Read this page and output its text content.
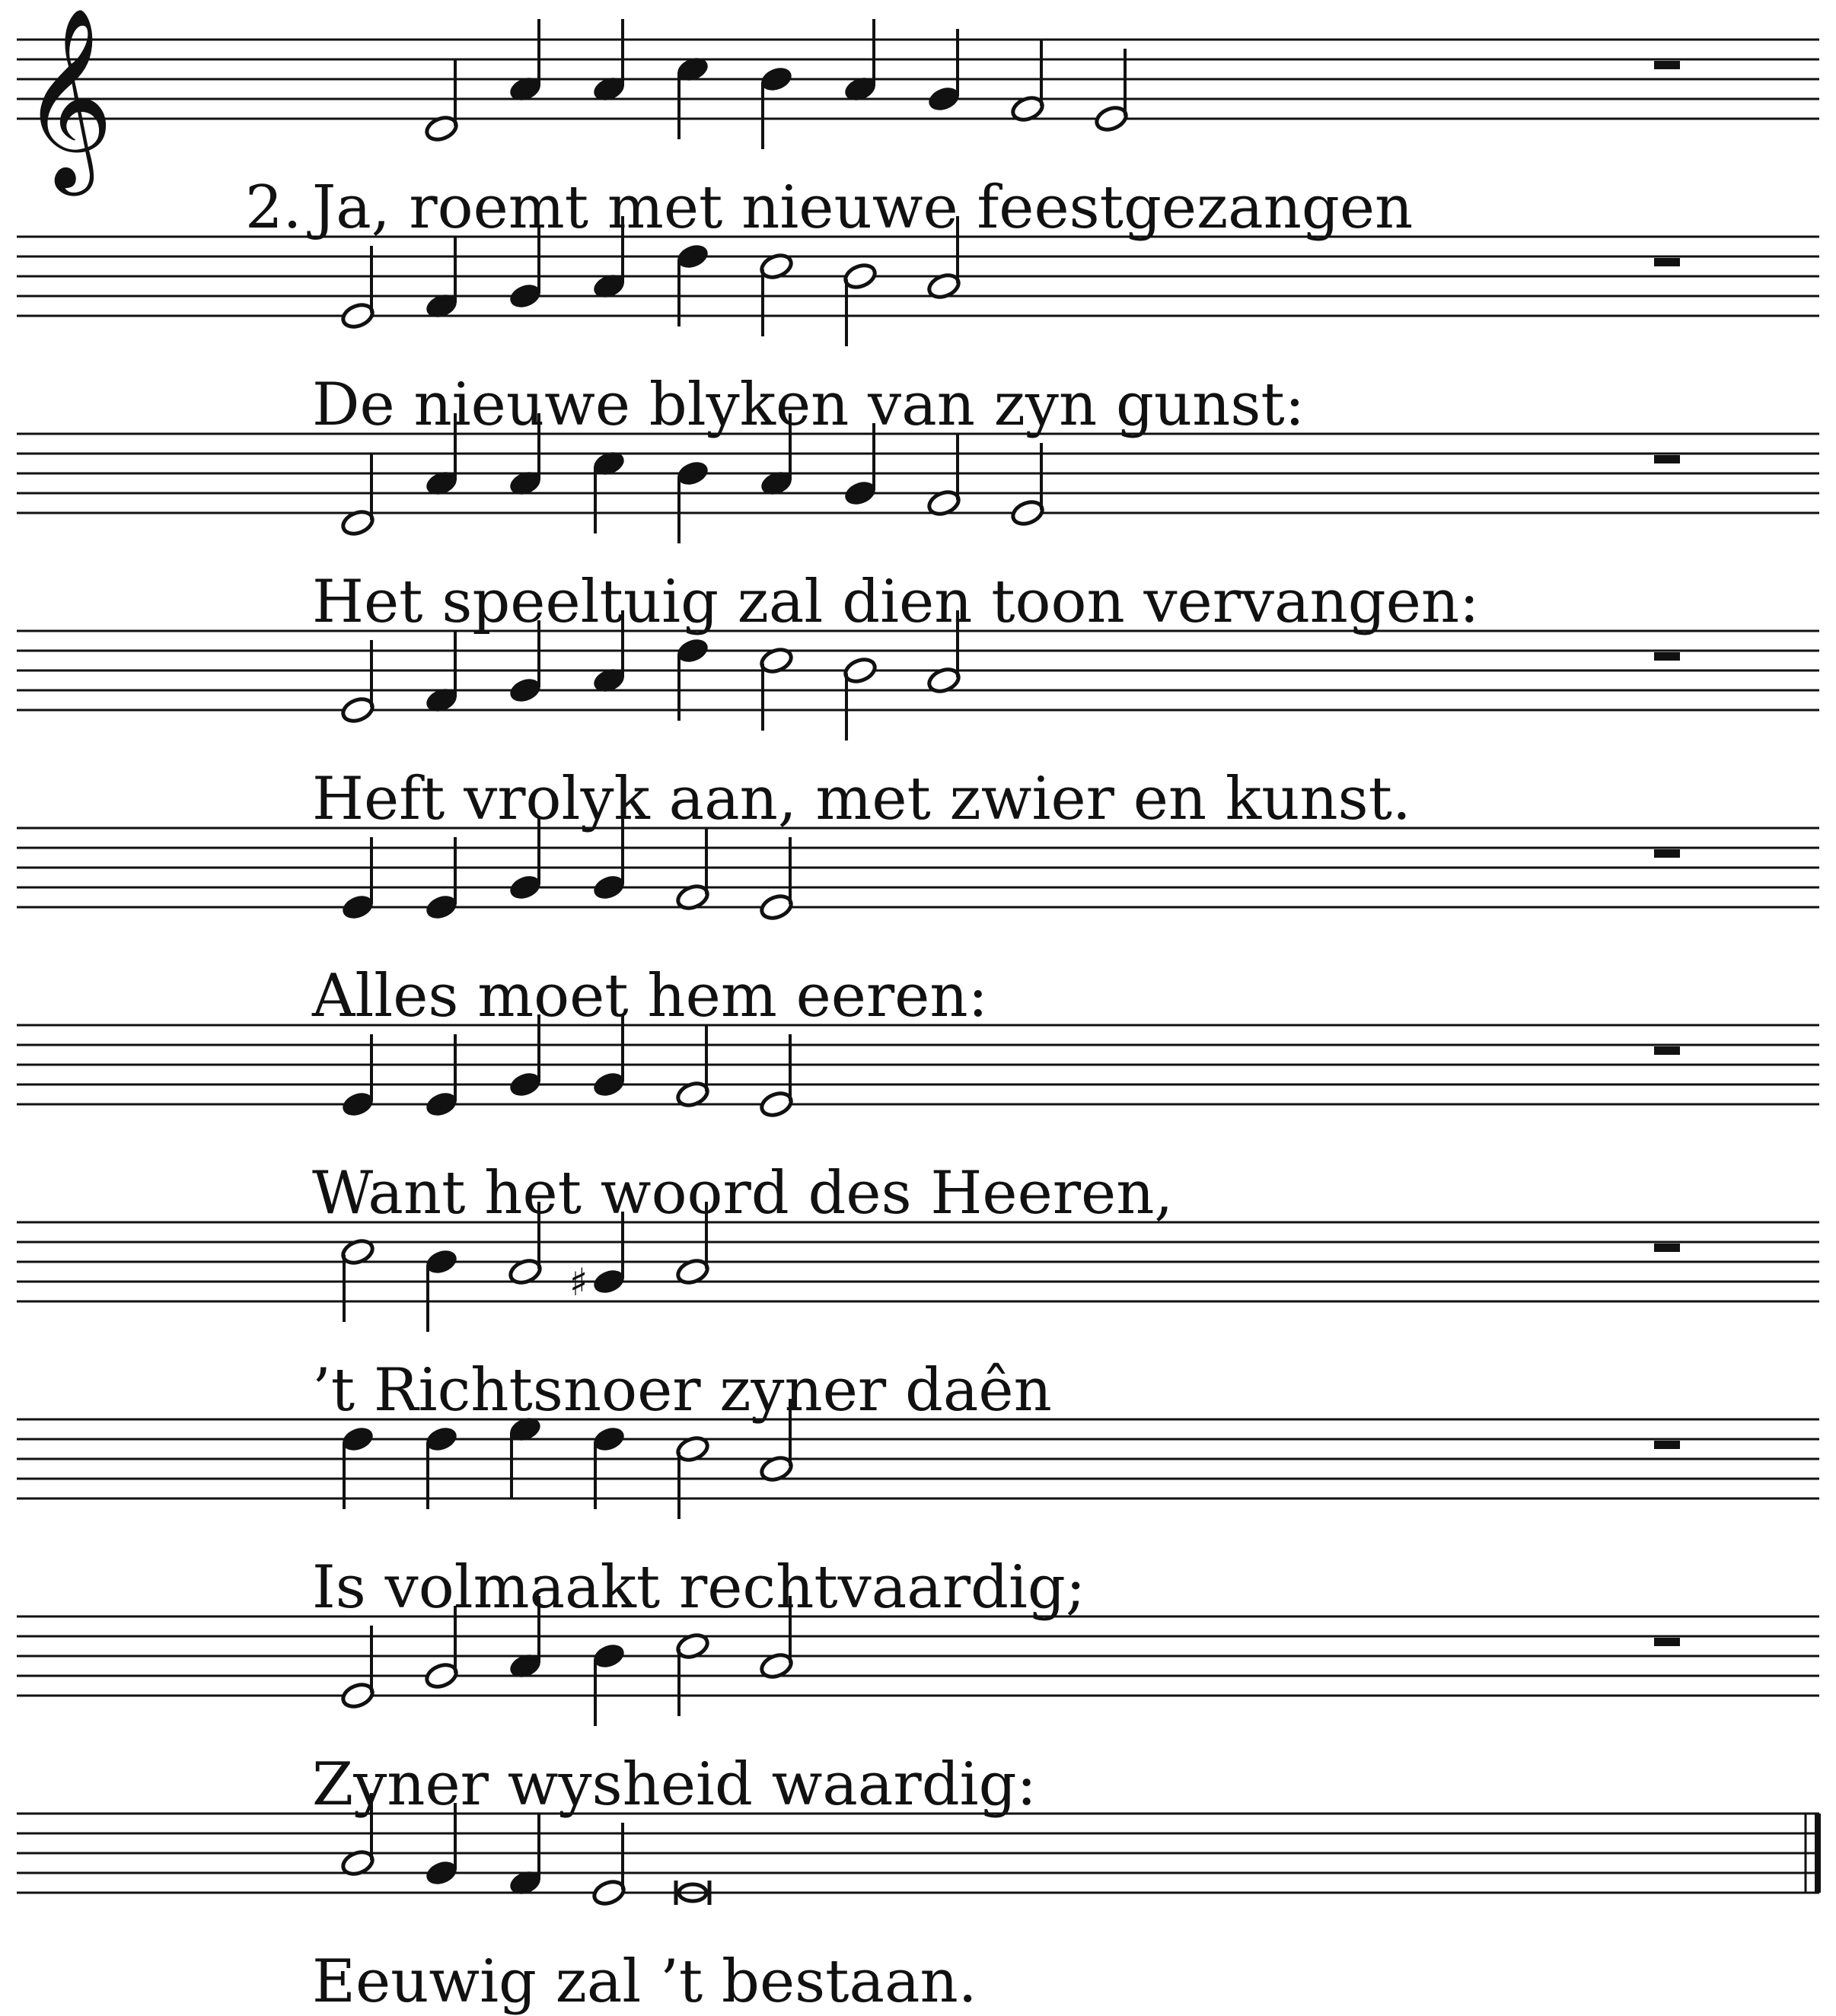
𝄞
♯
Ja, roemt met nieuwe feestgezangen
2.
De nieuwe blyken van zyn gunst:
Het speeltuig zal dien toon vervangen:
Heft vrolyk aan, met zwier en kunst.
Alles moet hem eeren:
Want het woord des Heeren,
’t Richtsnoer zyner daên
Is volmaakt rechtvaardig;
Zyner wysheid waardig:
Eeuwig zal ’t bestaan.
